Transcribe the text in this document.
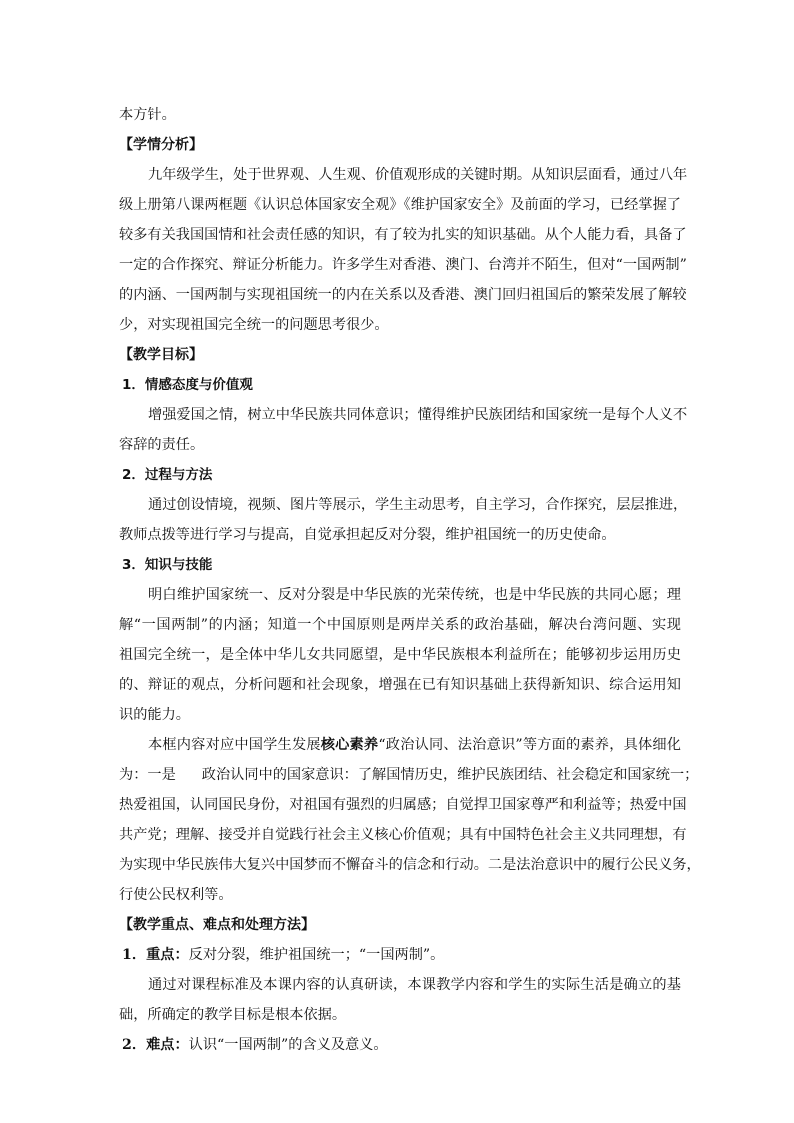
本方针。
【学情分析】
九年级学生，处于世界观、人生观、价值观形成的关键时期。从知识层面看，通过八年
级上册第八课两框题《认识总体国家安全观》《维护国家安全》及前面的学习，已经掌握了
较多有关我国国情和社会责任感的知识，有了较为扎实的知识基础。从个人能力看，具备了
一定的合作探究、辩证分析能力。许多学生对香港、澳门、台湾并不陌生，但对“一国两制”
的内涵、一国两制与实现祖国统一的内在关系以及香港、澳门回归祖国后的繁荣发展了解较
少，对实现祖国完全统一的问题思考很少。
【教学目标】
1．情感态度与价值观
增强爱国之情，树立中华民族共同体意识；懂得维护民族团结和国家统一是每个人义不
容辞的责任。
2．过程与方法
通过创设情境，视频、图片等展示，学生主动思考，自主学习，合作探究，层层推进，
教师点拨等进行学习与提高，自觉承担起反对分裂，维护祖国统一的历史使命。
3．知识与技能
明白维护国家统一、反对分裂是中华民族的光荣传统，也是中华民族的共同心愿；理
解“一国两制”的内涵；知道一个中国原则是两岸关系的政治基础，解决台湾问题、实现
祖国完全统一，是全体中华儿女共同愿望，是中华民族根本利益所在；能够初步运用历史
的、辩证的观点，分析问题和社会现象，增强在已有知识基础上获得新知识、综合运用知
识的能力。
本框内容对应中国学生发展核心素养“政治认同、法治意识”等方面的素养，具体细化
为：一是 政治认同中的国家意识：了解国情历史，维护民族团结、社会稳定和国家统一；
热爱祖国，认同国民身份，对祖国有强烈的归属感；自觉捍卫国家尊严和利益等；热爱中国
共产党；理解、接受并自觉践行社会主义核心价值观；具有中国特色社会主义共同理想，有
为实现中华民族伟大复兴中国梦而不懈奋斗的信念和行动。二是法治意识中的履行公民义务，
行使公民权利等。
【教学重点、难点和处理方法】
1．重点：反对分裂，维护祖国统一；“一国两制”。
通过对课程标准及本课内容的认真研读，本课教学内容和学生的实际生活是确立的基
础，所确定的教学目标是根本依据。
2．难点：认识“一国两制”的含义及意义。
